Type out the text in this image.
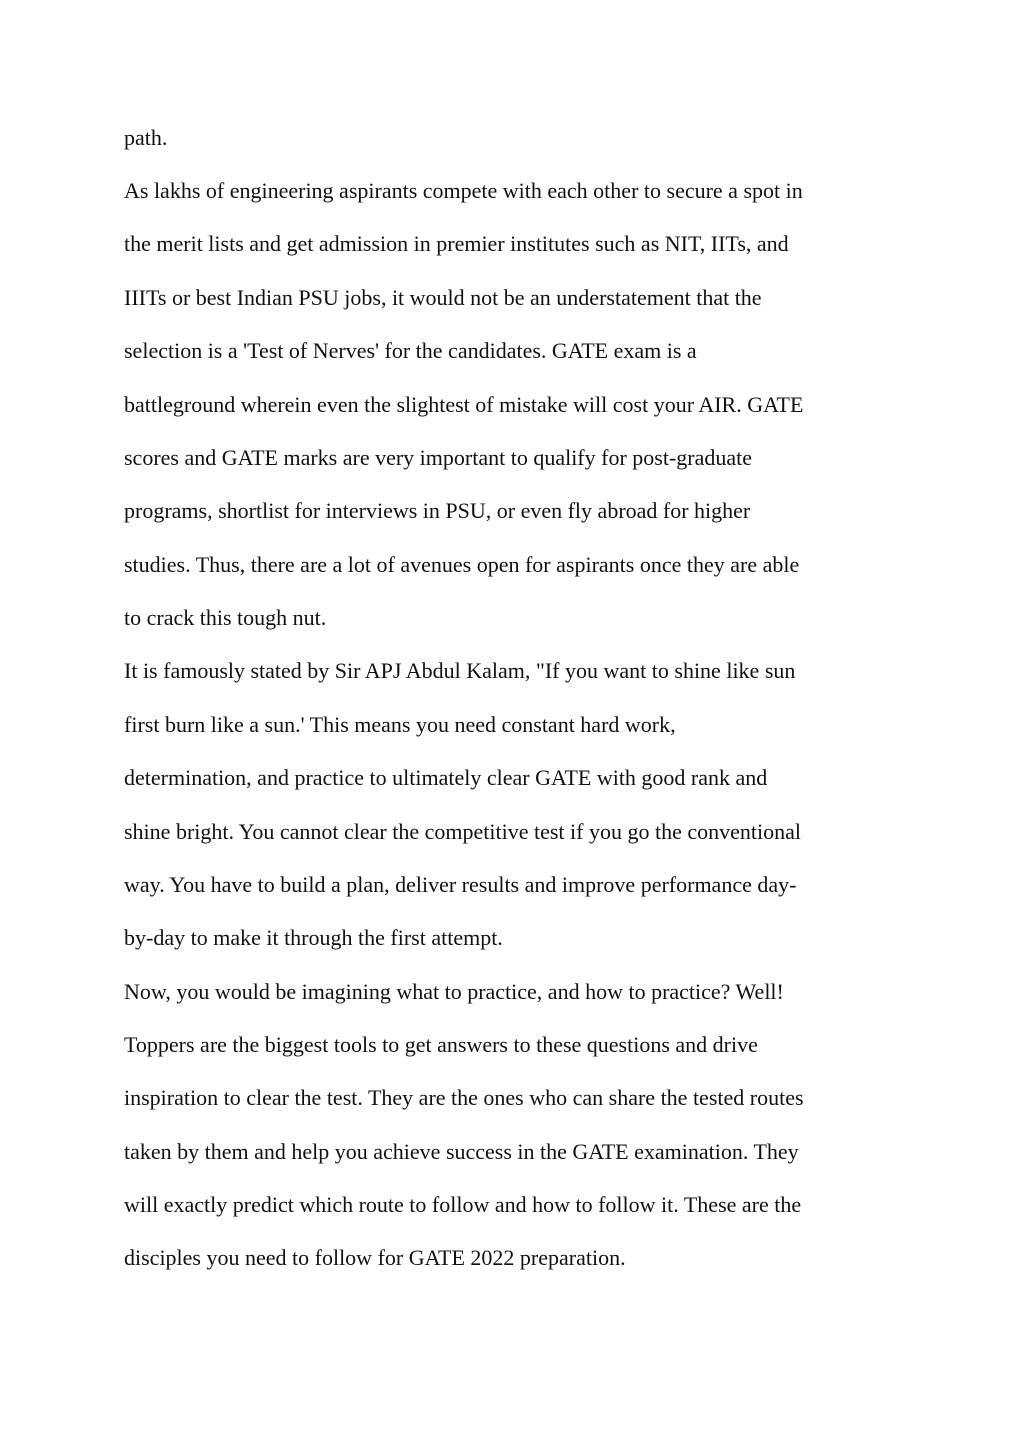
path.

As lakhs of engineering aspirants compete with each other to secure a spot in

the merit lists and get admission in premier institutes such as NIT, IITs, and

IIITs or best Indian PSU jobs, it would not be an understatement that the

selection is a 'Test of Nerves' for the candidates. GATE exam is a

battleground wherein even the slightest of mistake will cost your AIR. GATE

scores and GATE marks are very important to qualify for post-graduate

programs, shortlist for interviews in PSU, or even fly abroad for higher

studies. Thus, there are a lot of avenues open for aspirants once they are able

to crack this tough nut.

It is famously stated by Sir APJ Abdul Kalam, "If you want to shine like sun

first burn like a sun.' This means you need constant hard work,

determination, and practice to ultimately clear GATE with good rank and

shine bright. You cannot clear the competitive test if you go the conventional

way. You have to build a plan, deliver results and improve performance day-

by-day to make it through the first attempt.

Now, you would be imagining what to practice, and how to practice? Well!

Toppers are the biggest tools to get answers to these questions and drive

inspiration to clear the test. They are the ones who can share the tested routes

taken by them and help you achieve success in the GATE examination. They

will exactly predict which route to follow and how to follow it. These are the

disciples you need to follow for GATE 2022 preparation.
